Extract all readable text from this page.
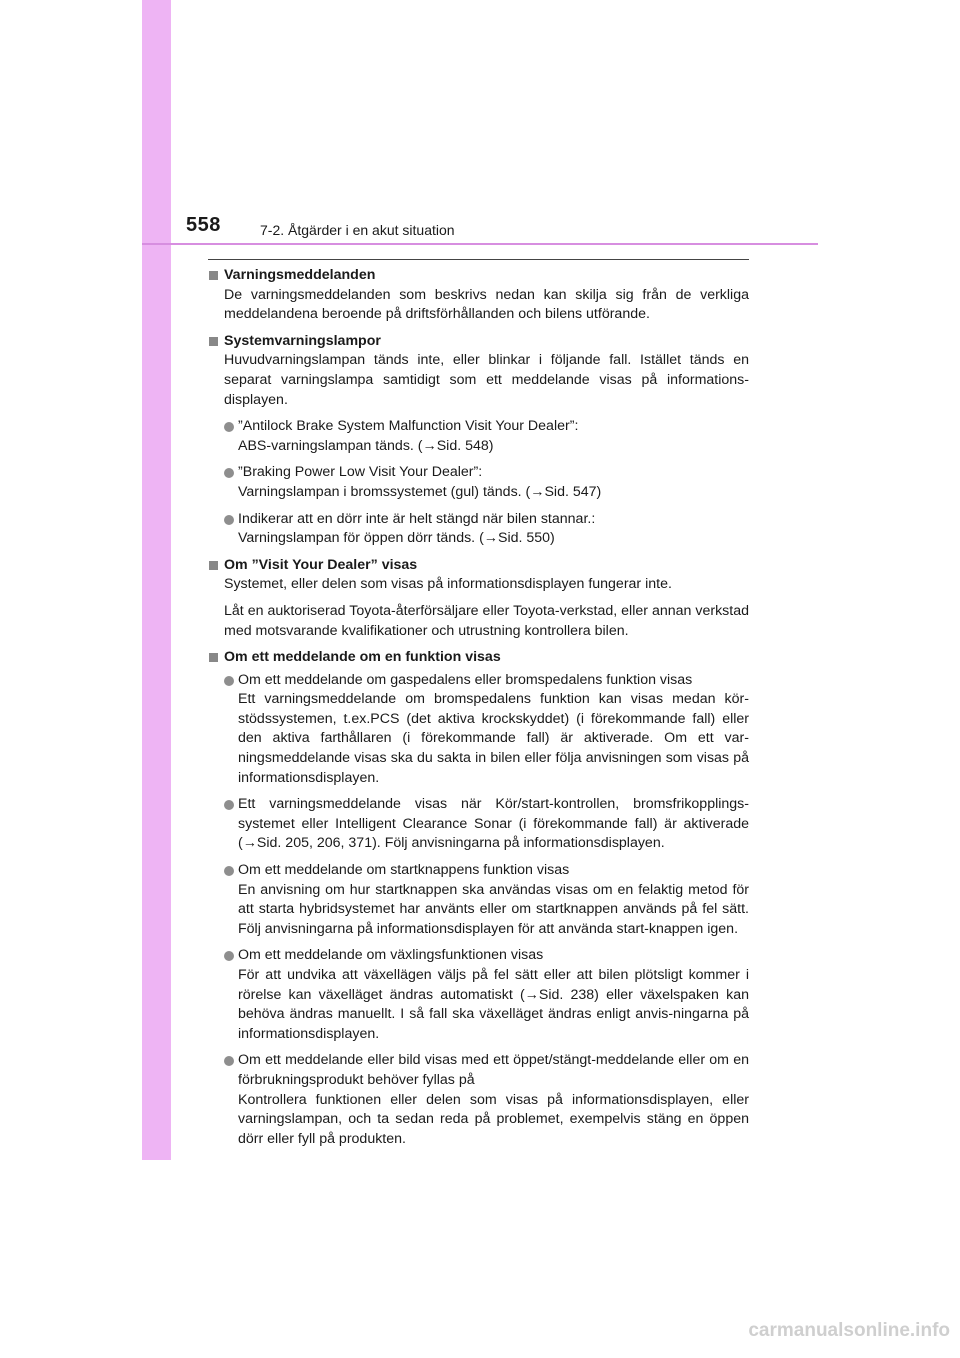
558	7-2. Åtgärder i en akut situation
Varningsmeddelanden
De varningsmeddelanden som beskrivs nedan kan skilja sig från de verkliga meddelandena beroende på driftsförhållanden och bilens utförande.
Systemvarningslampor
Huvudvarningslampan tänds inte, eller blinkar i följande fall. Istället tänds en separat varningslampa samtidigt som ett meddelande visas på informations-displayen.
”Antilock Brake System Malfunction Visit Your Dealer”:
ABS-varningslampan tänds. (→Sid. 548)
”Braking Power Low Visit Your Dealer”:
Varningslampan i bromssystemet (gul) tänds. (→Sid. 547)
Indikerar att en dörr inte är helt stängd när bilen stannar.:
Varningslampan för öppen dörr tänds. (→Sid. 550)
Om ”Visit Your Dealer” visas
Systemet, eller delen som visas på informationsdisplayen fungerar inte.
Låt en auktoriserad Toyota-återförsäljare eller Toyota-verkstad, eller annan verkstad med motsvarande kvalifikationer och utrustning kontrollera bilen.
Om ett meddelande om en funktion visas
Om ett meddelande om gaspedalens eller bromspedalens funktion visas
Ett varningsmeddelande om bromspedalens funktion kan visas medan kör-stödssystemen, t.ex.PCS (det aktiva krockskyddet) (i förekommande fall) eller den aktiva farthållaren (i förekommande fall) är aktiverade. Om ett var-ningsmeddelande visas ska du sakta in bilen eller följa anvisningen som visas på informationsdisplayen.
Ett varningsmeddelande visas när Kör/start-kontrollen, bromsfrikopplings-systemet eller Intelligent Clearance Sonar (i förekommande fall) är aktiverade (→Sid. 205, 206, 371). Följ anvisningarna på informationsdisplayen.
Om ett meddelande om startknappens funktion visas
En anvisning om hur startknappen ska användas visas om en felaktig metod för att starta hybridsystemet har använts eller om startknappen används på fel sätt. Följ anvisningarna på informationsdisplayen för att använda start-knappen igen.
Om ett meddelande om växlingsfunktionen visas
För att undvika att växellägen väljs på fel sätt eller att bilen plötsligt kommer i rörelse kan växelläget ändras automatiskt (→Sid. 238) eller växelspaken kan behöva ändras manuellt. I så fall ska växelläget ändras enligt anvis-ningarna på informationsdisplayen.
Om ett meddelande eller bild visas med ett öppet/stängt-meddelande eller om en förbrukningsprodukt behöver fyllas på
Kontrollera funktionen eller delen som visas på informationsdisplayen, eller varningslampan, och ta sedan reda på problemet, exempelvis stäng en öppen dörr eller fyll på produkten.
carmanualsonline.info
